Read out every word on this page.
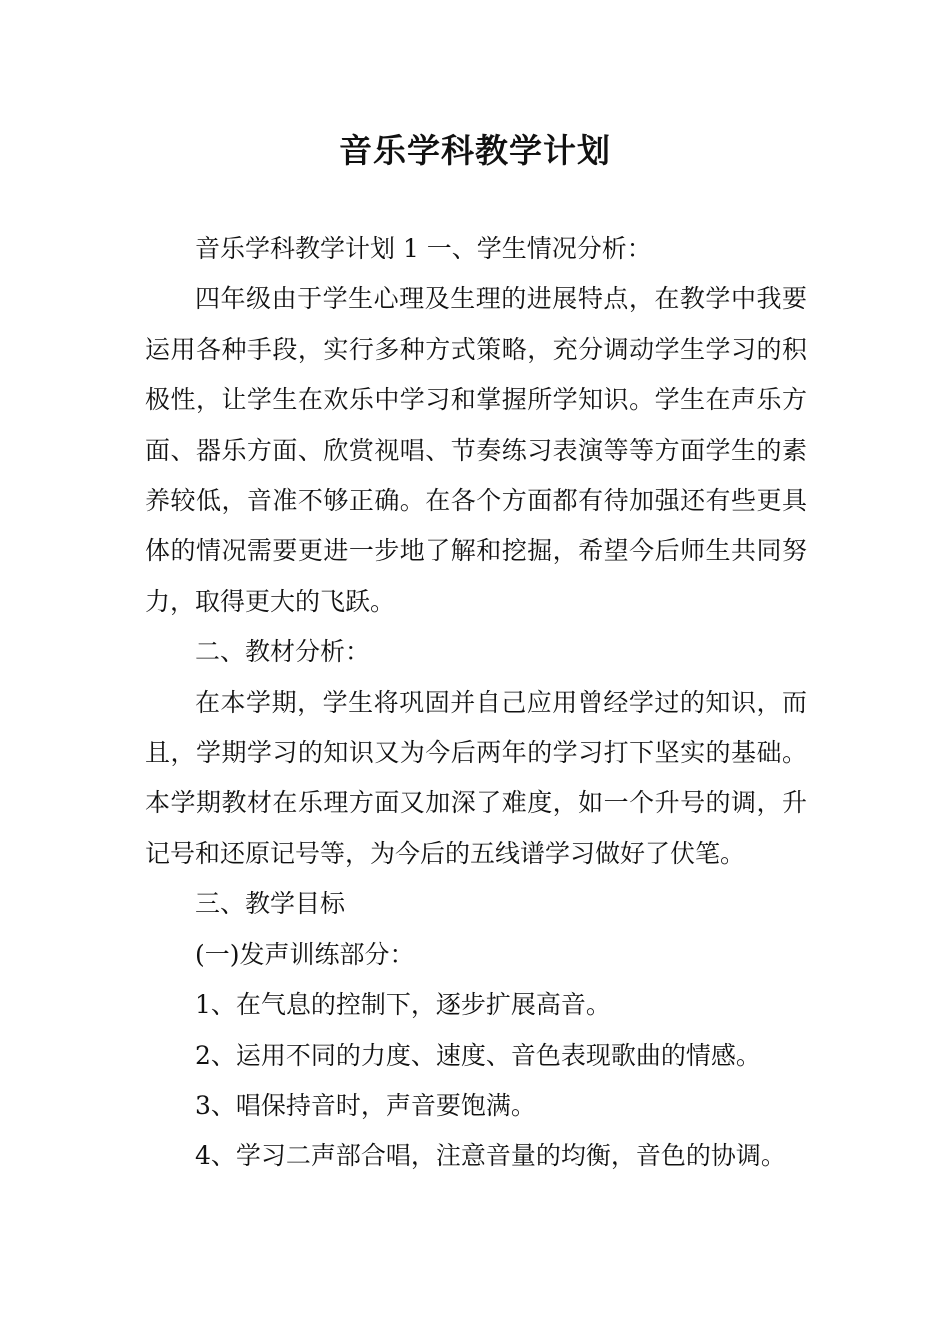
音乐学科教学计划

音乐学科教学计划 1 一、学生情况分析：

四年级由于学生心理及生理的进展特点，在教学中我要运用各种手段，实行多种方式策略，充分调动学生学习的积极性，让学生在欢乐中学习和掌握所学知识。学生在声乐方面、器乐方面、欣赏视唱、节奏练习表演等等方面学生的素养较低，音准不够正确。在各个方面都有待加强还有些更具体的情况需要更进一步地了解和挖掘，希望今后师生共同努力，取得更大的飞跃。

二、教材分析：

在本学期，学生将巩固并自己应用曾经学过的知识，而且，学期学习的知识又为今后两年的学习打下坚实的基础。本学期教材在乐理方面又加深了难度，如一个升号的调，升记号和还原记号等，为今后的五线谱学习做好了伏笔。

三、教学目标

(一)发声训练部分：

1、在气息的控制下，逐步扩展高音。

2、运用不同的力度、速度、音色表现歌曲的情感。

3、唱保持音时，声音要饱满。

4、学习二声部合唱，注意音量的均衡，音色的协调。
